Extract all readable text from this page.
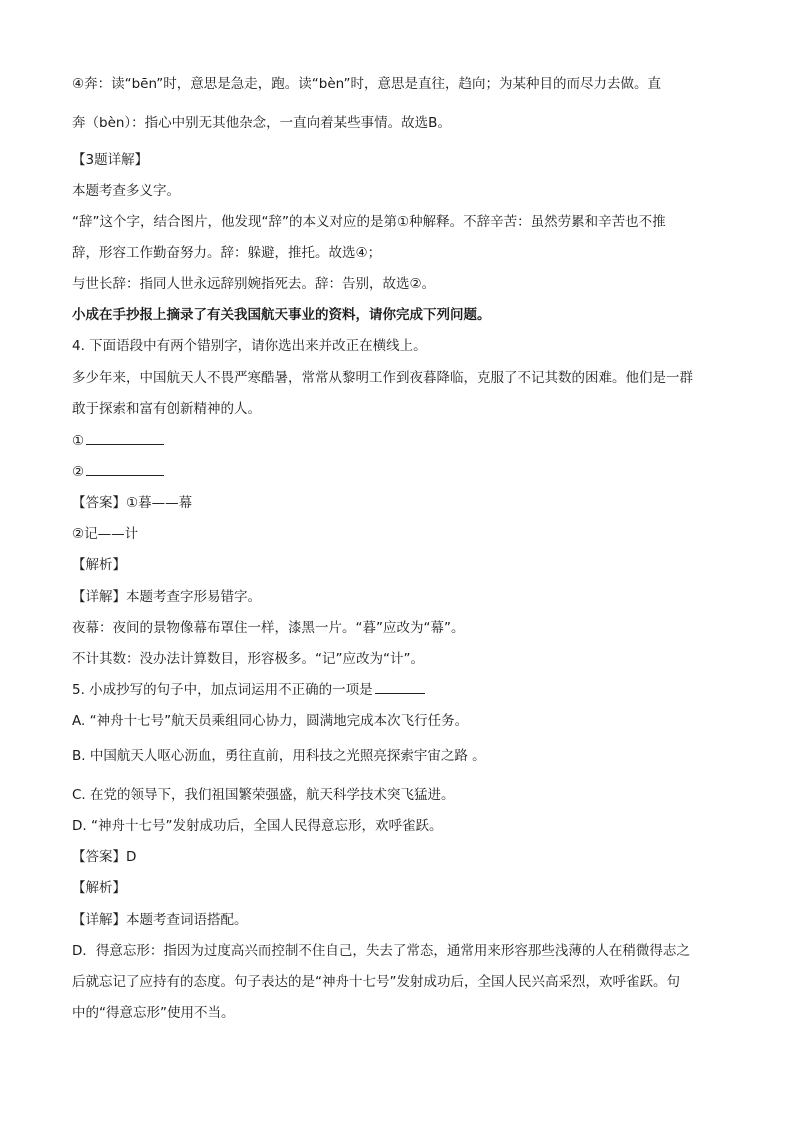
④奔：读“bēn”时，意思是急走，跑。读“bèn”时，意思是直往，趋向；为某种目的而尽力去做。直
奔（bèn）：指心中别无其他杂念，一直向着某些事情。故选B。
【3题详解】
本题考查多义字。
“辞”这个字，结合图片，他发现“辞”的本义对应的是第①种解释。不辞辛苦：虽然劳累和辛苦也不推
辞，形容工作勤奋努力。辞：躲避，推托。故选④；
与世长辞：指同人世永远辞别婉指死去。辞：告别，故选②。
小成在手抄报上摘录了有关我国航天事业的资料，请你完成下列问题。
4. 下面语段中有两个错别字，请你选出来并改正在横线上。
多少年来，中国航天人不畏严寒酷暑，常常从黎明工作到夜暮降临，克服了不记其数的困难。他们是一群
敢于探索和富有创新精神的人。
①
②
【答案】①暮——幕
②记——计
【解析】
【详解】本题考查字形易错字。
夜幕：夜间的景物像幕布罩住一样，漆黑一片。“暮”应改为“幕”。
不计其数：没办法计算数目，形容极多。“记”应改为“计”。
5. 小成抄写的句子中，加点词运用不正确的一项是
A. “神舟十七号”航天员乘组同心协力，圆满地完成本次飞行任务。
B. 中国航天人呕心沥血，勇往直前，用科技之光照亮探索宇宙之路 。
C. 在党的领导下，我们祖国繁荣强盛，航天科学技术突飞猛进。
D. “神舟十七号”发射成功后，全国人民得意忘形，欢呼雀跃。
【答案】D
【解析】
【详解】本题考查词语搭配。
D．得意忘形：指因为过度高兴而控制不住自己，失去了常态，通常用来形容那些浅薄的人在稍微得志之
后就忘记了应持有的态度。句子表达的是“神舟十七号”发射成功后，全国人民兴高采烈，欢呼雀跃。句
中的“得意忘形”使用不当。
